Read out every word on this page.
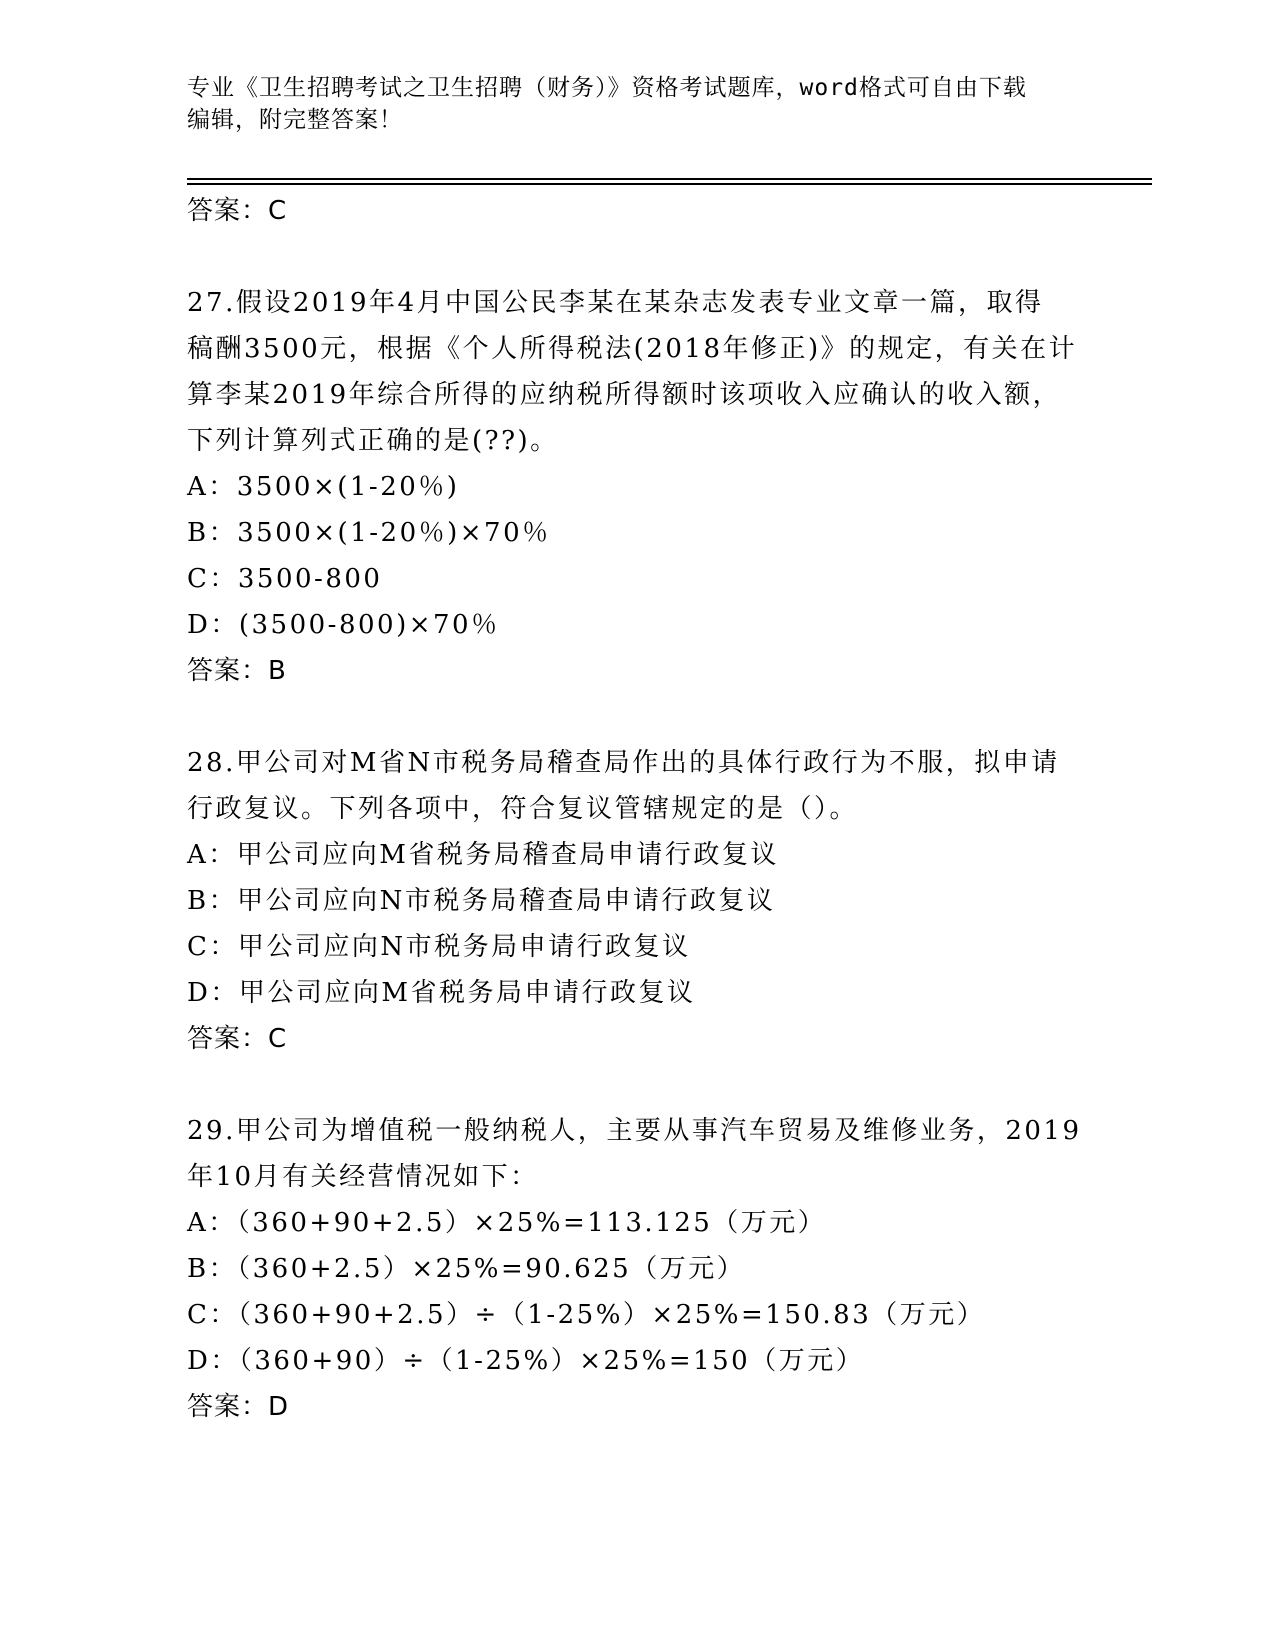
专业《卫生招聘考试之卫生招聘（财务）》资格考试题库，word格式可自由下载
编辑，附完整答案！
答案：C
27.假设2019年4月中国公民李某在某杂志发表专业文章一篇，取得
稿酬3500元，根据《个人所得税法(2018年修正)》的规定，有关在计
算李某2019年综合所得的应纳税所得额时该项收入应确认的收入额，
下列计算列式正确的是(??)。
A：3500×(1-20％)
B：3500×(1-20％)×70％
C：3500-800
D：(3500-800)×70％
答案：B
28.甲公司对M省N市税务局稽查局作出的具体行政行为不服，拟申请
行政复议。下列各项中，符合复议管辖规定的是（）。
A：甲公司应向M省税务局稽查局申请行政复议
B：甲公司应向N市税务局稽查局申请行政复议
C：甲公司应向N市税务局申请行政复议
D：甲公司应向M省税务局申请行政复议
答案：C
29.甲公司为增值税一般纳税人，主要从事汽车贸易及维修业务，2019
年10月有关经营情况如下：
A：（360+90+2.5）×25%=113.125（万元）
B：（360+2.5）×25%=90.625（万元）
C：（360+90+2.5）÷（1-25%）×25%=150.83（万元）
D：（360+90）÷（1-25%）×25%=150（万元）
答案：D
